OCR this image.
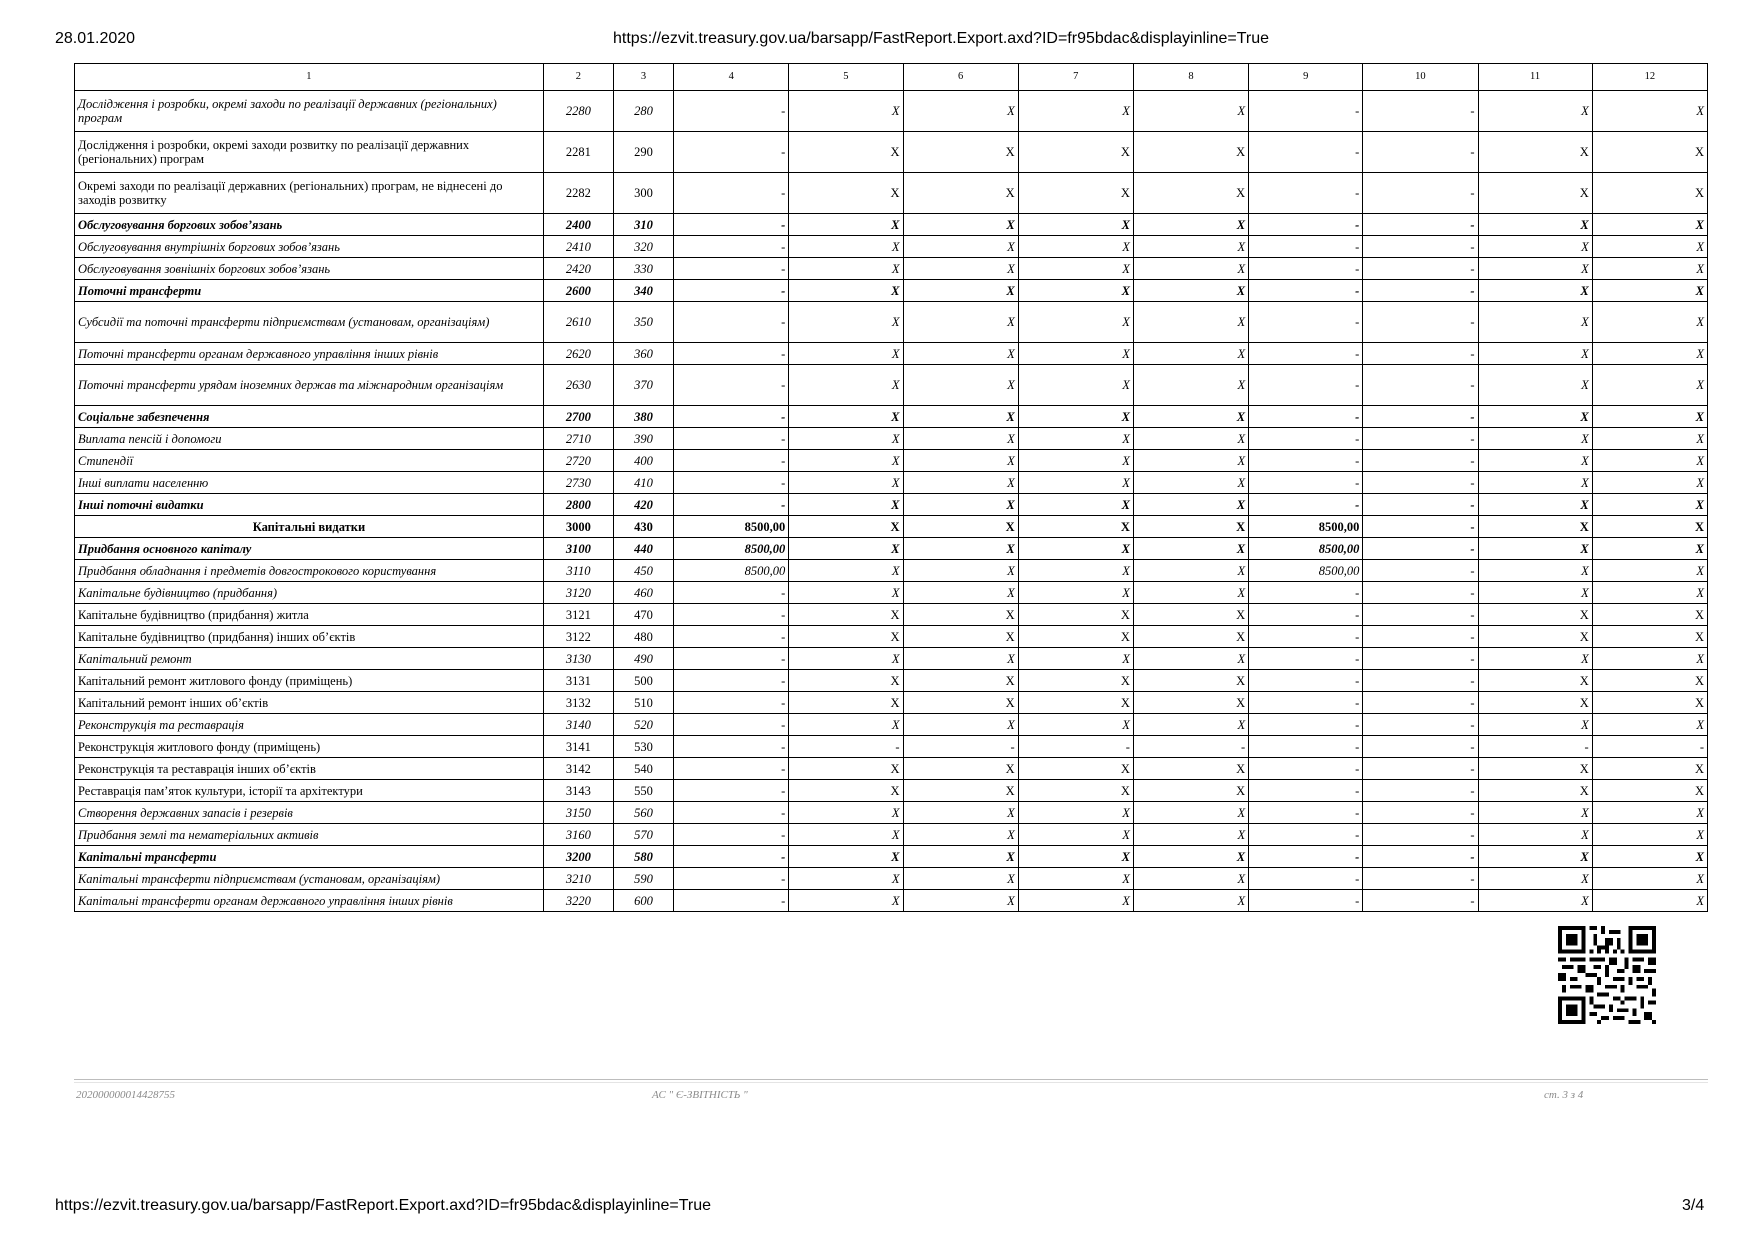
28.01.2020	https://ezvit.treasury.gov.ua/barsapp/FastReport.Export.axd?ID=fr95bdac&displayinline=True
1	2	3	4	5	6	7	8	9	10	11	12
Дослідження і розробки, окремі заходи по реалізації державних (регіональних) програм	2280	280	-	X	X	X	X	-	-	X	X
Дослідження і розробки, окремі заходи розвитку по реалізації державних (регіональних) програм	2281	290	-	X	X	X	X	-	-	X	X
Окремі заходи по реалізації державних (регіональних) програм, не віднесені до заходів розвитку	2282	300	-	X	X	X	X	-	-	X	X
Обслуговування боргових зобов’язань	2400	310	-	X	X	X	X	-	-	X	X
Обслуговування внутрішніх боргових зобов’язань	2410	320	-	X	X	X	X	-	-	X	X
Обслуговування зовнішніх боргових зобов’язань	2420	330	-	X	X	X	X	-	-	X	X
Поточні трансферти	2600	340	-	X	X	X	X	-	-	X	X
Субсидії та поточні трансферти підприємствам (установам, організаціям)	2610	350	-	X	X	X	X	-	-	X	X
Поточні трансферти органам державного управління інших рівнів	2620	360	-	X	X	X	X	-	-	X	X
Поточні трансферти урядам іноземних держав та міжнародним організаціям	2630	370	-	X	X	X	X	-	-	X	X
Соціальне забезпечення	2700	380	-	X	X	X	X	-	-	X	X
Виплата пенсій і допомоги	2710	390	-	X	X	X	X	-	-	X	X
Стипендії	2720	400	-	X	X	X	X	-	-	X	X
Інші виплати населенню	2730	410	-	X	X	X	X	-	-	X	X
Інші поточні видатки	2800	420	-	X	X	X	X	-	-	X	X
Капітальні видатки	3000	430	8500,00	X	X	X	X	8500,00	-	X	X
Придбання основного капіталу	3100	440	8500,00	X	X	X	X	8500,00	-	X	X
Придбання обладнання і предметів довгострокового користування	3110	450	8500,00	X	X	X	X	8500,00	-	X	X
Капітальне будівництво (придбання)	3120	460	-	X	X	X	X	-	-	X	X
Капітальне будівництво (придбання) житла	3121	470	-	X	X	X	X	-	-	X	X
Капітальне будівництво (придбання) інших об’єктів	3122	480	-	X	X	X	X	-	-	X	X
Капітальний ремонт	3130	490	-	X	X	X	X	-	-	X	X
Капітальний ремонт житлового фонду (приміщень)	3131	500	-	X	X	X	X	-	-	X	X
Капітальний ремонт інших об’єктів	3132	510	-	X	X	X	X	-	-	X	X
Реконструкція та реставрація	3140	520	-	X	X	X	X	-	-	X	X
Реконструкція житлового фонду (приміщень)	3141	530	-	-	-	-	-	-	-	-	-
Реконструкція та реставрація інших об’єктів	3142	540	-	X	X	X	X	-	-	X	X
Реставрація пам’яток культури, історії та архітектури	3143	550	-	X	X	X	X	-	-	X	X
Створення державних запасів і резервів	3150	560	-	X	X	X	X	-	-	X	X
Придбання землі та нематеріальних активів	3160	570	-	X	X	X	X	-	-	X	X
Капітальні трансферти	3200	580	-	X	X	X	X	-	-	X	X
Капітальні трансферти підприємствам (установам, організаціям)	3210	590	-	X	X	X	X	-	-	X	X
Капітальні трансферти органам державного управління інших рівнів	3220	600	-	X	X	X	X	-	-	X	X
202000000014428755	АС " Є-ЗВІТНІСТЬ "	ст. 3 з 4
https://ezvit.treasury.gov.ua/barsapp/FastReport.Export.axd?ID=fr95bdac&displayinline=True	3/4
